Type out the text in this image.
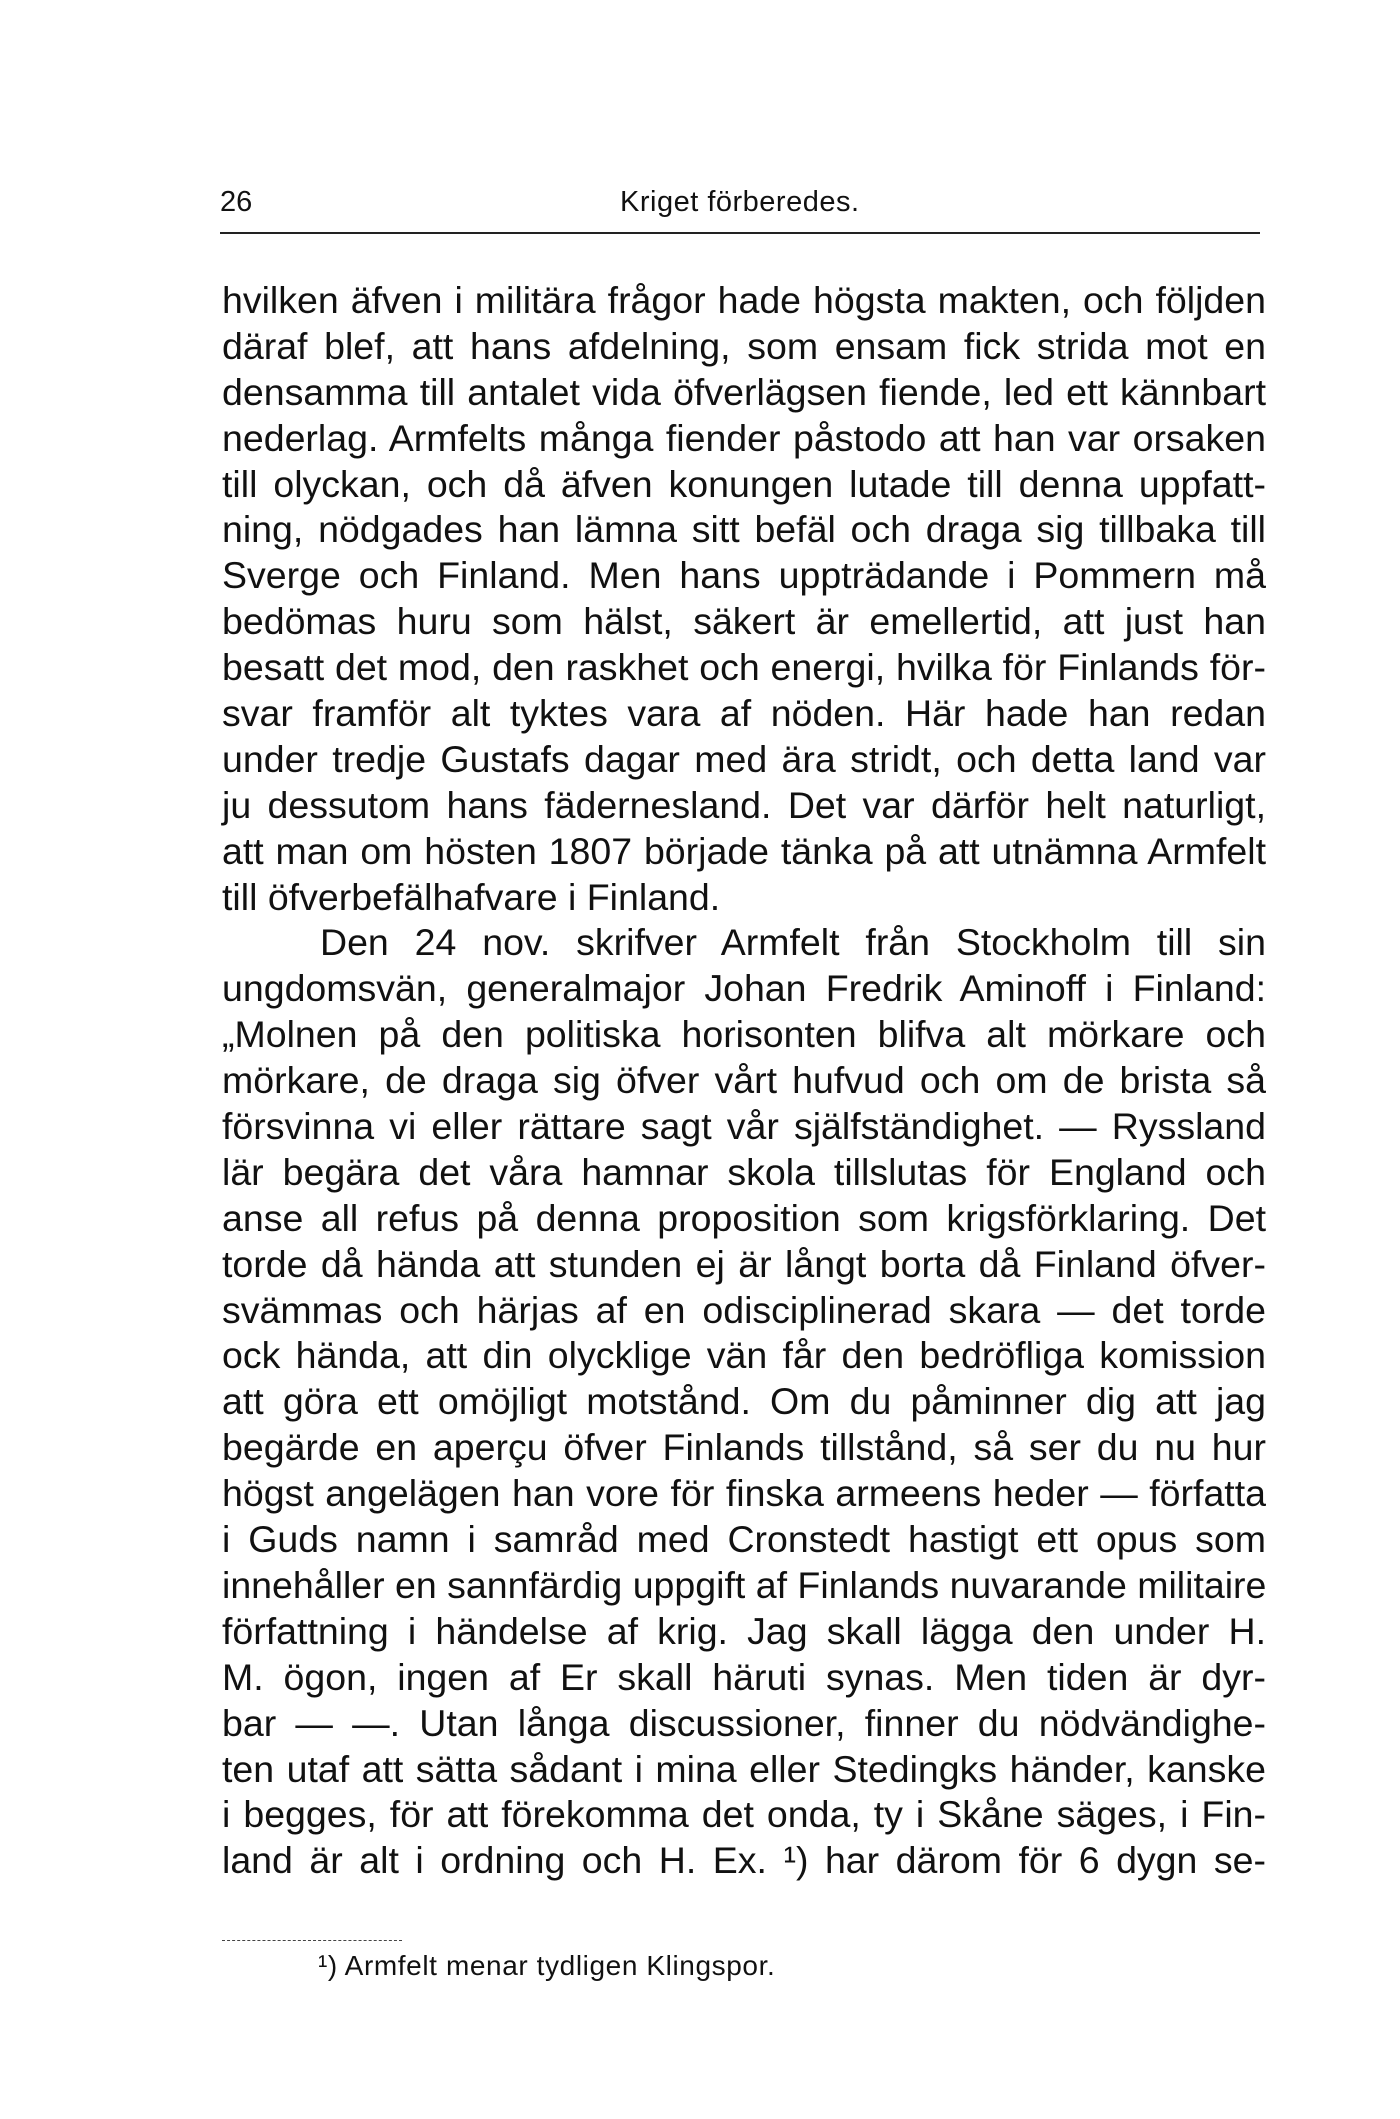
26	Kriget förberedes.
hvilken äfven i militära frågor hade högsta makten, och följden
däraf blef, att hans afdelning, som ensam fick strida mot en
densamma till antalet vida öfverlägsen fiende, led ett kännbart
nederlag. Armfelts många fiender påstodo att han var orsaken
till olyckan, och då äfven konungen lutade till denna uppfatt-
ning, nödgades han lämna sitt befäl och draga sig tillbaka till
Sverge och Finland. Men hans uppträdande i Pommern må
bedömas huru som hälst, säkert är emellertid, att just han
besatt det mod, den raskhet och energi, hvilka för Finlands för-
svar framför alt tyktes vara af nöden. Här hade han redan
under tredje Gustafs dagar med ära stridt, och detta land var
ju dessutom hans fädernesland. Det var därför helt naturligt,
att man om hösten 1807 började tänka på att utnämna Armfelt
till öfverbefälhafvare i Finland.
Den 24 nov. skrifver Armfelt från Stockholm till sin
ungdomsvän, generalmajor Johan Fredrik Aminoff i Finland:
„Molnen på den politiska horisonten blifva alt mörkare och
mörkare, de draga sig öfver vårt hufvud och om de brista så
försvinna vi eller rättare sagt vår själfständighet. — Ryssland
lär begära det våra hamnar skola tillslutas för England och
anse all refus på denna proposition som krigsförklaring. Det
torde då hända att stunden ej är långt borta då Finland öfver-
svämmas och härjas af en odisciplinerad skara — det torde
ock hända, att din olycklige vän får den bedröfliga komission
att göra ett omöjligt motstånd. Om du påminner dig att jag
begärde en aperçu öfver Finlands tillstånd, så ser du nu hur
högst angelägen han vore för finska armeens heder — författa
i Guds namn i samråd med Cronstedt hastigt ett opus som
innehåller en sannfärdig uppgift af Finlands nuvarande militaire
författning i händelse af krig. Jag skall lägga den under H.
M. ögon, ingen af Er skall häruti synas. Men tiden är dyr-
bar — —. Utan långa discussioner, finner du nödvändighe-
ten utaf att sätta sådant i mina eller Stedingks händer, kanske
i begges, för att förekomma det onda, ty i Skåne säges, i Fin-
land är alt i ordning och H. Ex. ¹) har därom för 6 dygn se-
¹) Armfelt menar tydligen Klingspor.
